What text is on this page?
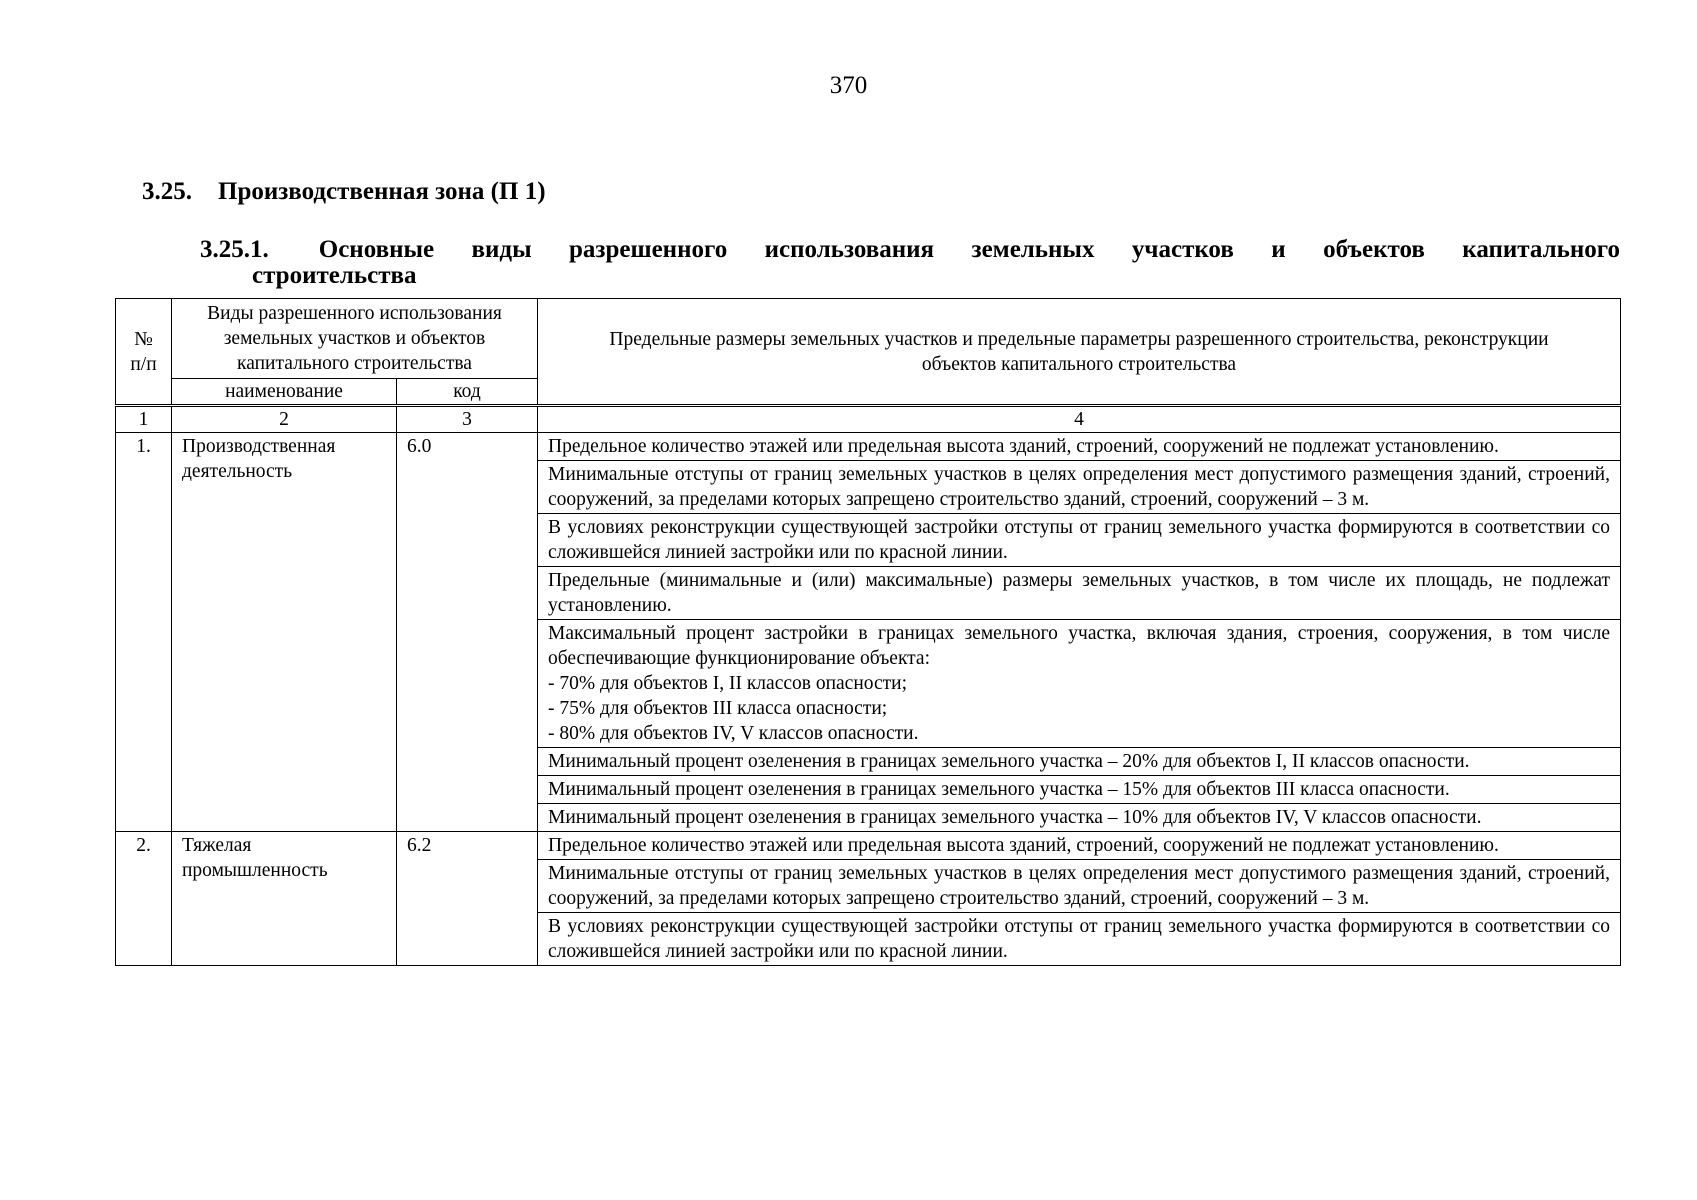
370
3.25. Производственная зона (П 1)
3.25.1. Основные виды разрешенного использования земельных участков и объектов капитального
строительства
№
п/п	Виды разрешенного использования земельных участков и объектов капитального строительства		Предельные размеры земельных участков и предельные параметры разрешенного строительства, реконструкции объектов капитального строительства
	наименование	код	
1	2	3	4
1.	Производственная деятельность	6.0	Предельное количество этажей или предельная высота зданий, строений, сооружений не подлежат установлению.
			Минимальные отступы от границ земельных участков в целях определения мест допустимого размещения зданий, строений, сооружений, за пределами которых запрещено строительство зданий, строений, сооружений – 3 м.
			В условиях реконструкции существующей застройки отступы от границ земельного участка формируются в соответствии со сложившейся линией застройки или по красной линии.
			Предельные (минимальные и (или) максимальные) размеры земельных участков, в том числе их площадь, не подлежат установлению.
			Максимальный процент застройки в границах земельного участка, включая здания, строения, сооружения, в том числе обеспечивающие функционирование объекта:
- 70% для объектов I, II классов опасности;
- 75% для объектов III класса опасности;
- 80% для объектов IV, V классов опасности.
			Минимальный процент озеленения в границах земельного участка – 20% для объектов I, II классов опасности.
			Минимальный процент озеленения в границах земельного участка – 15% для объектов III класса опасности.
			Минимальный процент озеленения в границах земельного участка – 10% для объектов IV, V классов опасности.
2.	Тяжелая промышленность	6.2	Предельное количество этажей или предельная высота зданий, строений, сооружений не подлежат установлению.
			Минимальные отступы от границ земельных участков в целях определения мест допустимого размещения зданий, строений, сооружений, за пределами которых запрещено строительство зданий, строений, сооружений – 3 м.
			В условиях реконструкции существующей застройки отступы от границ земельного участка формируются в соответствии со сложившейся линией застройки или по красной линии.
